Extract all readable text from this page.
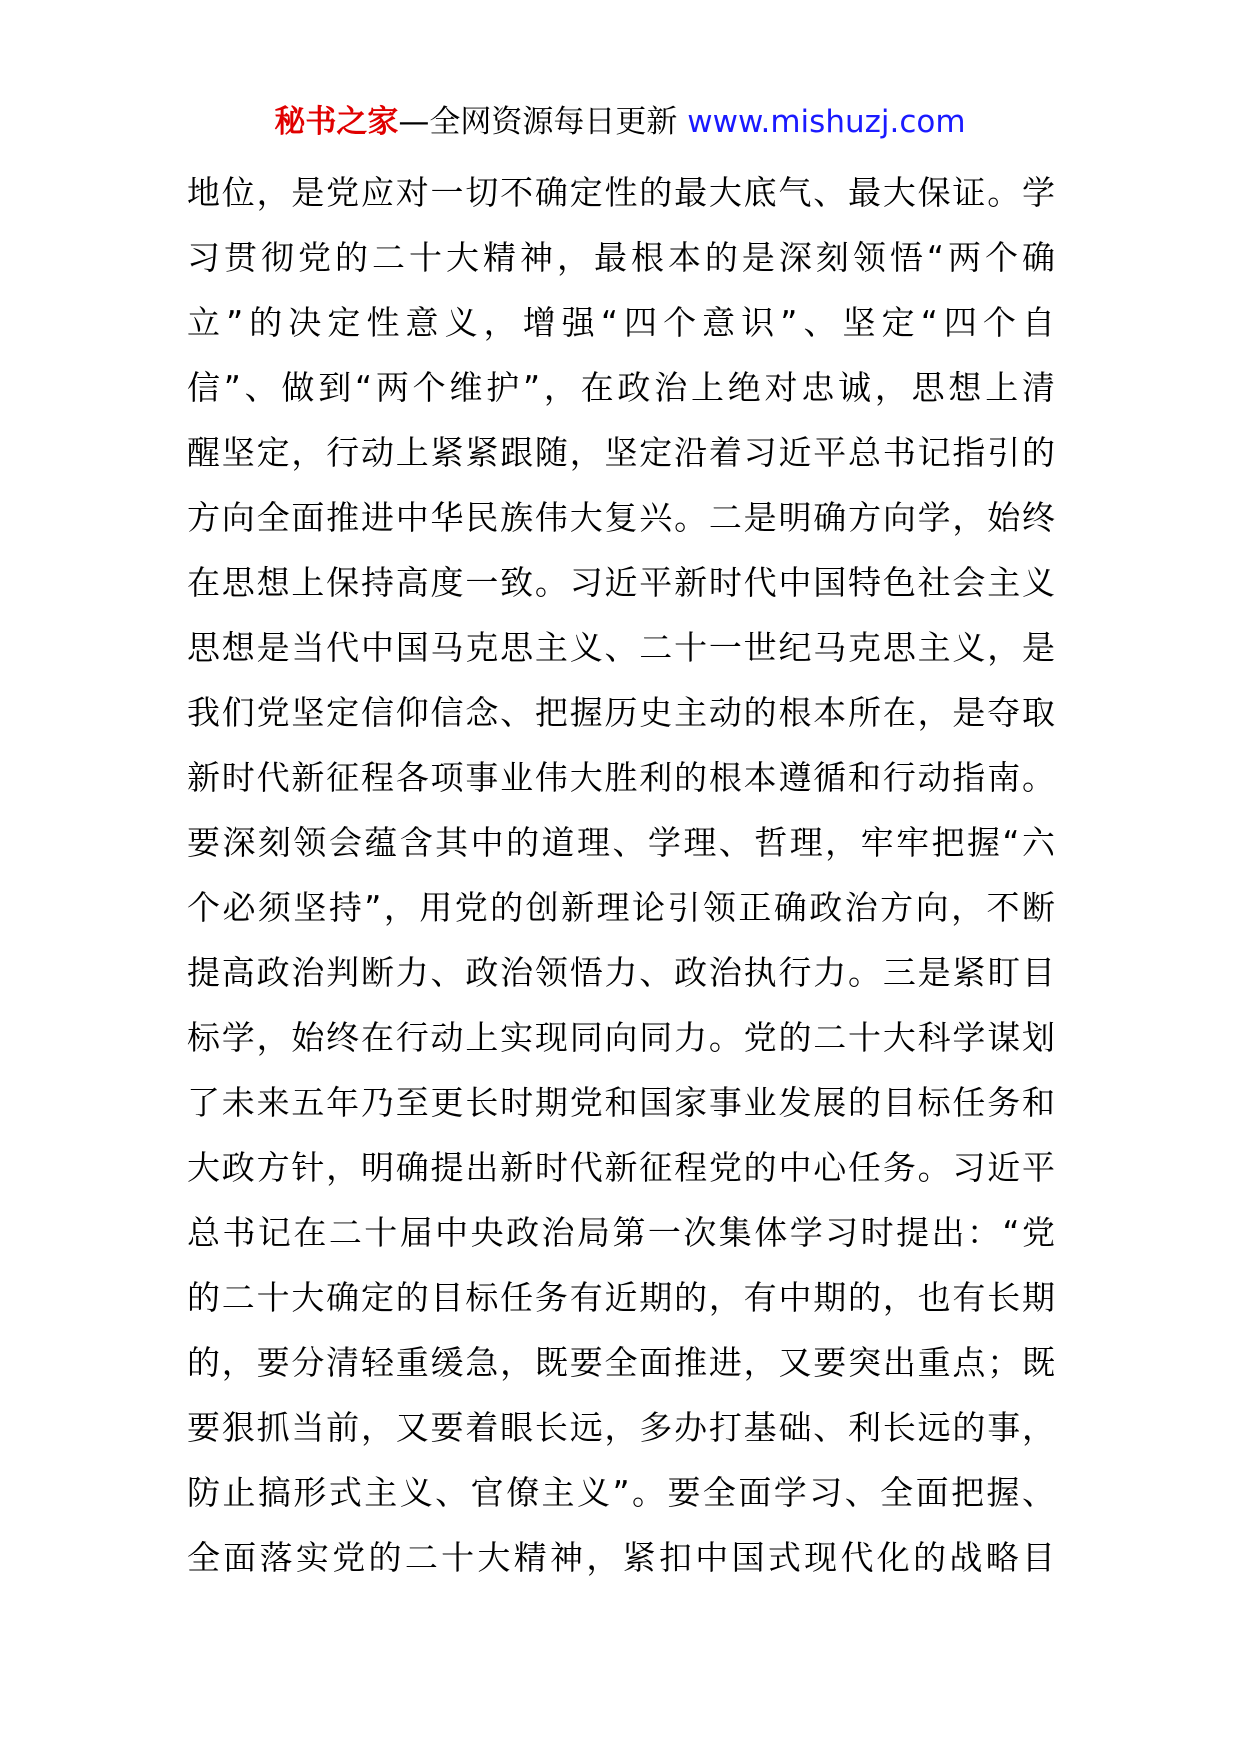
秘书之家—全网资源每日更新 www.mishuzj.com
地位，是党应对一切不确定性的最大底气、最大保证。学
习贯彻党的二十大精神，最根本的是深刻领悟“两个确
立”的决定性意义，增强“四个意识”、坚定“四个自
信”、做到“两个维护”，在政治上绝对忠诚，思想上清
醒坚定，行动上紧紧跟随，坚定沿着习近平总书记指引的
方向全面推进中华民族伟大复兴。二是明确方向学，始终
在思想上保持高度一致。习近平新时代中国特色社会主义
思想是当代中国马克思主义、二十一世纪马克思主义，是
我们党坚定信仰信念、把握历史主动的根本所在，是夺取
新时代新征程各项事业伟大胜利的根本遵循和行动指南。
要深刻领会蕴含其中的道理、学理、哲理，牢牢把握“六
个必须坚持”，用党的创新理论引领正确政治方向，不断
提高政治判断力、政治领悟力、政治执行力。三是紧盯目
标学，始终在行动上实现同向同力。党的二十大科学谋划
了未来五年乃至更长时期党和国家事业发展的目标任务和
大政方针，明确提出新时代新征程党的中心任务。习近平
总书记在二十届中央政治局第一次集体学习时提出：“党
的二十大确定的目标任务有近期的，有中期的，也有长期
的，要分清轻重缓急，既要全面推进，又要突出重点；既
要狠抓当前，又要着眼长远，多办打基础、利长远的事，
防止搞形式主义、官僚主义”。要全面学习、全面把握、
全面落实党的二十大精神，紧扣中国式现代化的战略目
